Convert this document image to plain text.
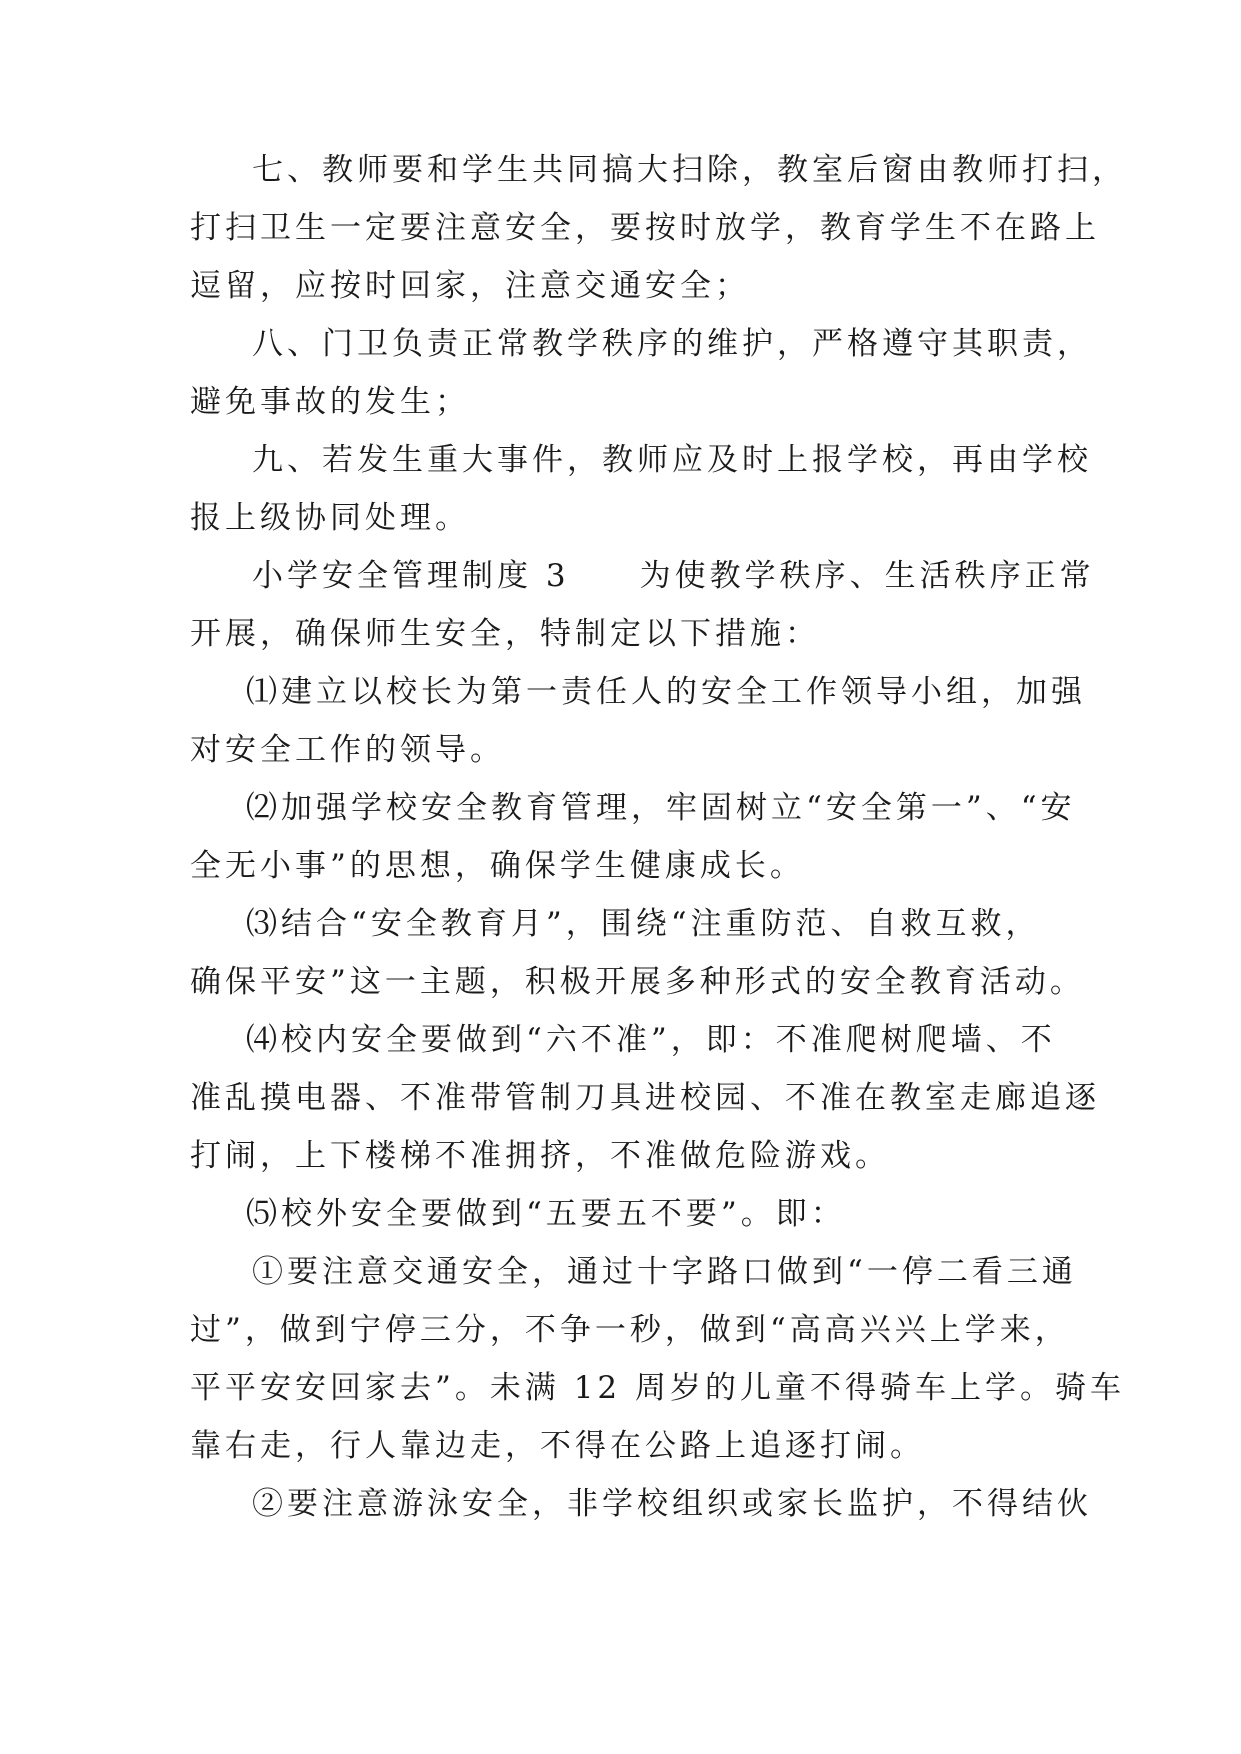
七、教师要和学生共同搞大扫除，教室后窗由教师打扫，
打扫卫生一定要注意安全，要按时放学，教育学生不在路上
逗留，应按时回家，注意交通安全；
八、门卫负责正常教学秩序的维护，严格遵守其职责，
避免事故的发生；
九、若发生重大事件，教师应及时上报学校，再由学校
报上级协同处理。
小学安全管理制度 3　　为使教学秩序、生活秩序正常
开展，确保师生安全，特制定以下措施：
⑴建立以校长为第一责任人的安全工作领导小组，加强
对安全工作的领导。
⑵加强学校安全教育管理，牢固树立“安全第一”、“安
全无小事”的思想，确保学生健康成长。
⑶结合“安全教育月”，围绕“注重防范、自救互救，
确保平安”这一主题，积极开展多种形式的安全教育活动。
⑷校内安全要做到“六不准”，即：不准爬树爬墙、不
准乱摸电器、不准带管制刀具进校园、不准在教室走廊追逐
打闹，上下楼梯不准拥挤，不准做危险游戏。
⑸校外安全要做到“五要五不要”。即：
①要注意交通安全，通过十字路口做到“一停二看三通
过”，做到宁停三分，不争一秒，做到“高高兴兴上学来，
平平安安回家去”。未满 12 周岁的儿童不得骑车上学。骑车
靠右走，行人靠边走，不得在公路上追逐打闹。
②要注意游泳安全，非学校组织或家长监护，不得结伙
